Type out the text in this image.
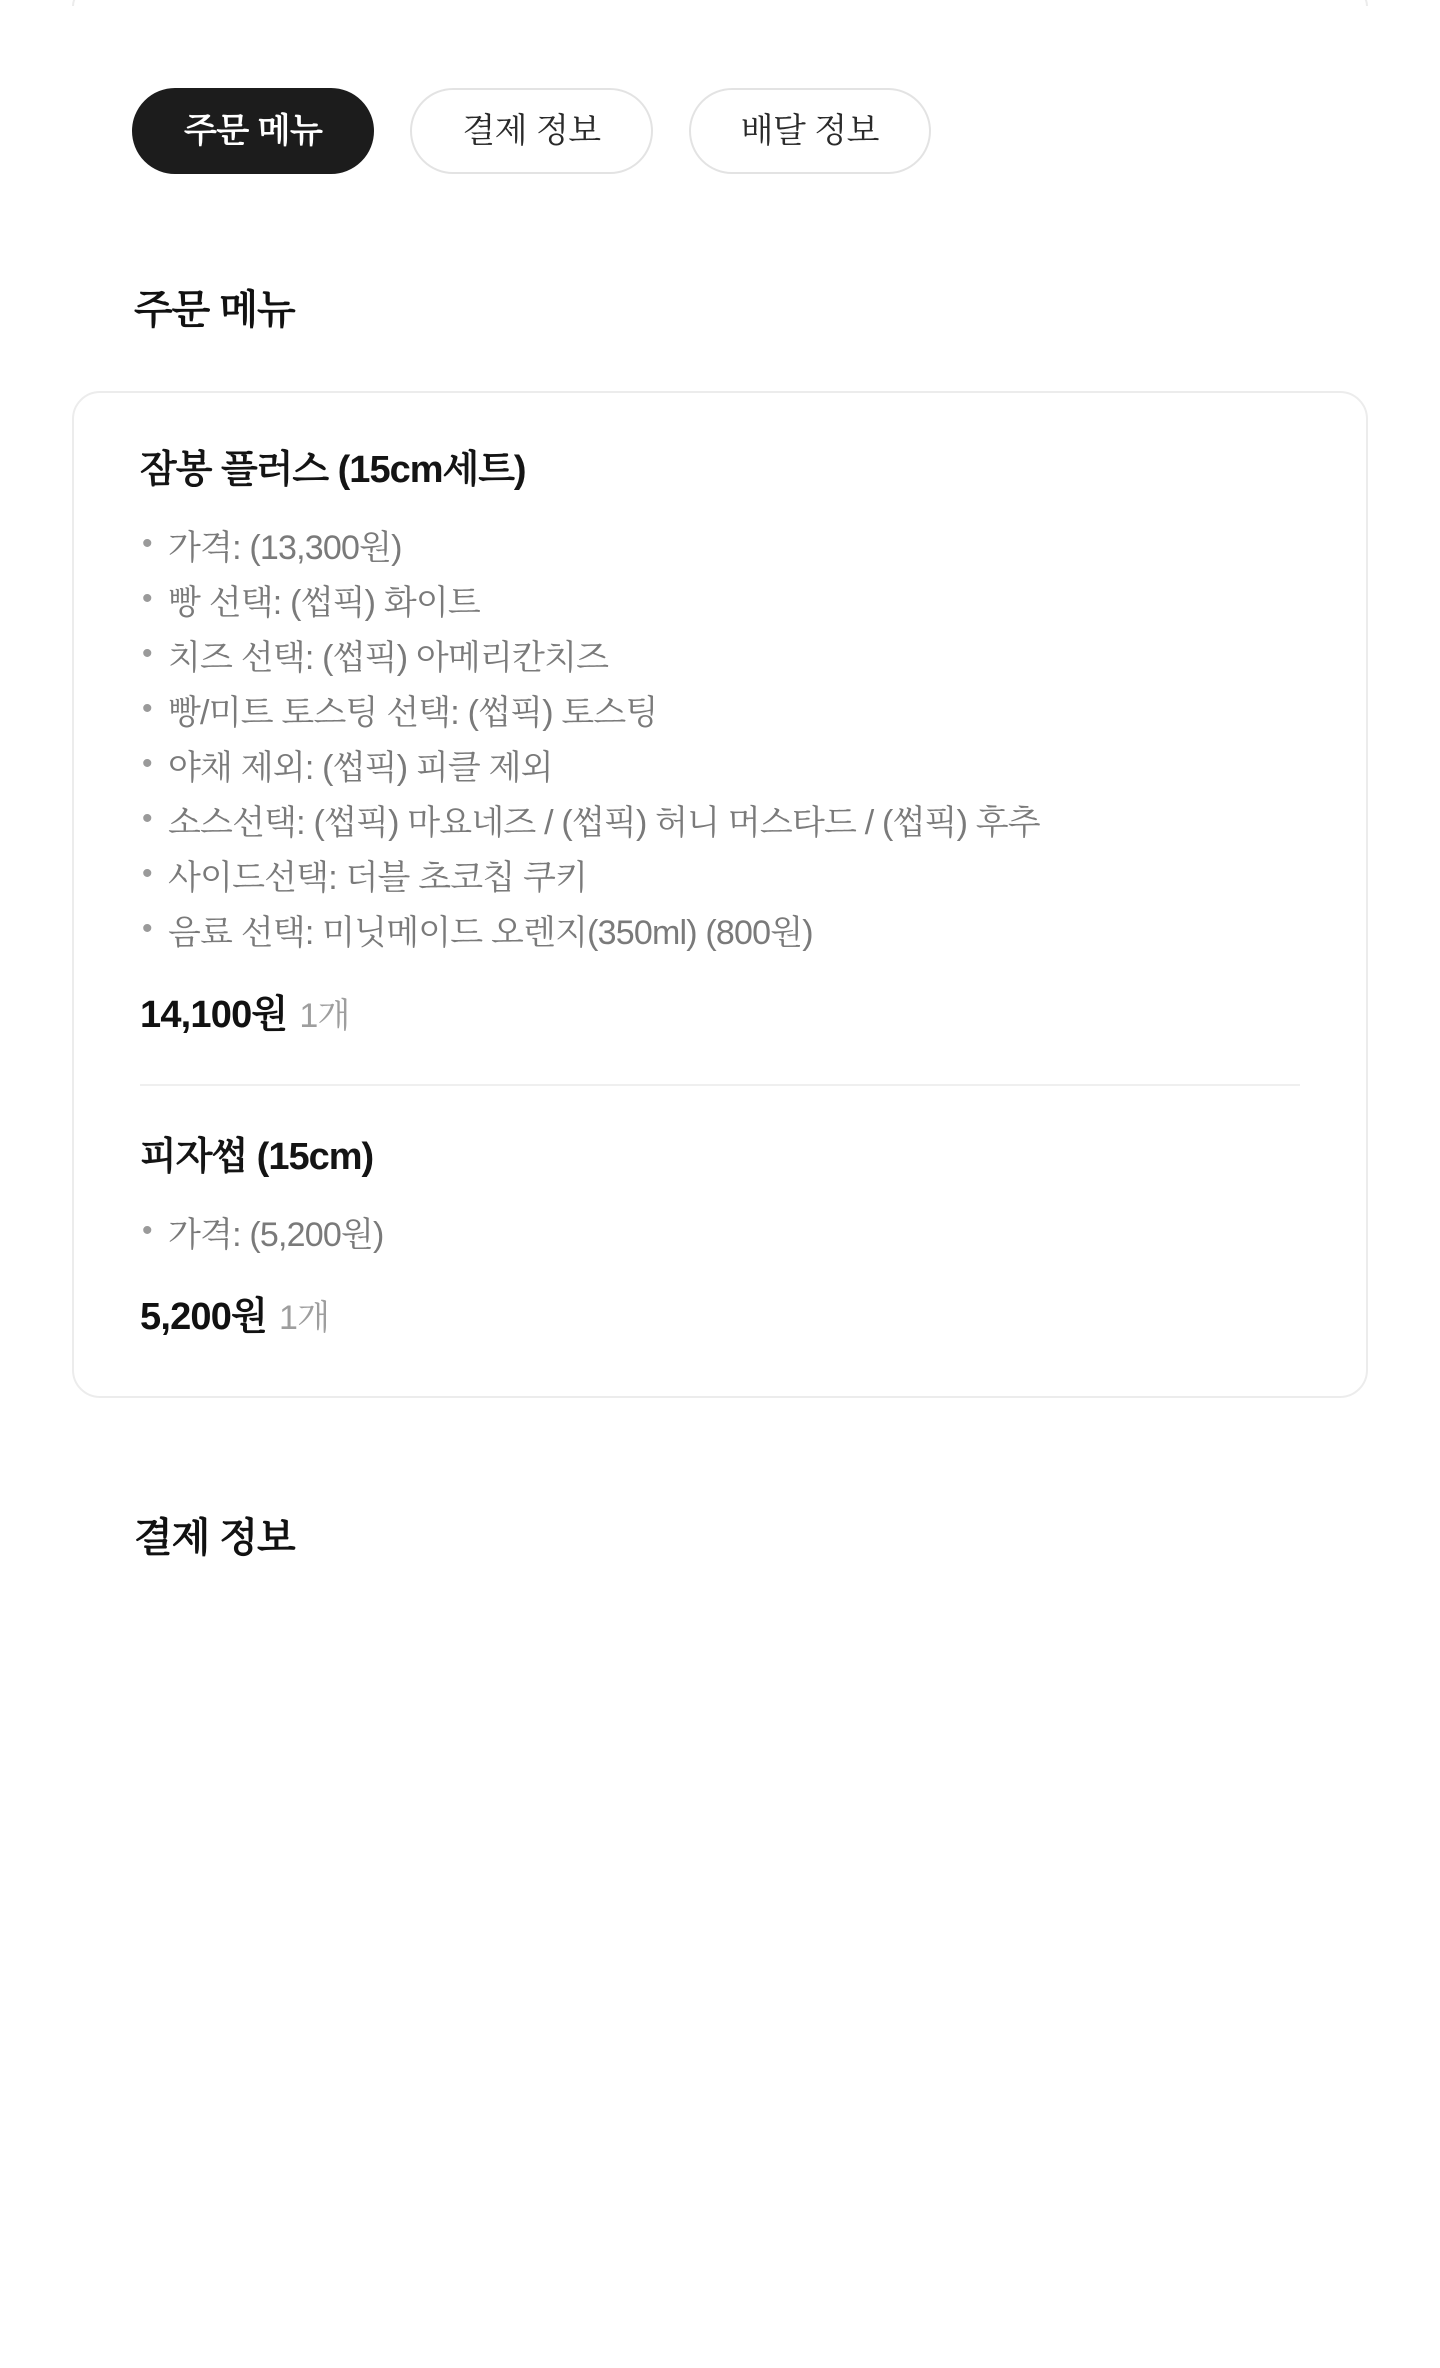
주문 메뉴	결제 정보	배달 정보
주문 메뉴
잠봉 플러스 (15cm세트)
• 가격: (13,300원)
• 빵 선택: (썹픽) 화이트
• 치즈 선택: (썹픽) 아메리칸치즈
• 빵/미트 토스팅 선택: (썹픽) 토스팅
• 야채 제외: (썹픽) 피클 제외
• 소스선택: (썹픽) 마요네즈 / (썹픽) 허니 머스타드 / (썹픽) 후추
• 사이드선택: 더블 초코칩 쿠키
• 음료 선택: 미닛메이드 오렌지(350ml) (800원)
14,100원 1개
피자썹 (15cm)
• 가격: (5,200원)
5,200원 1개
결제 정보
